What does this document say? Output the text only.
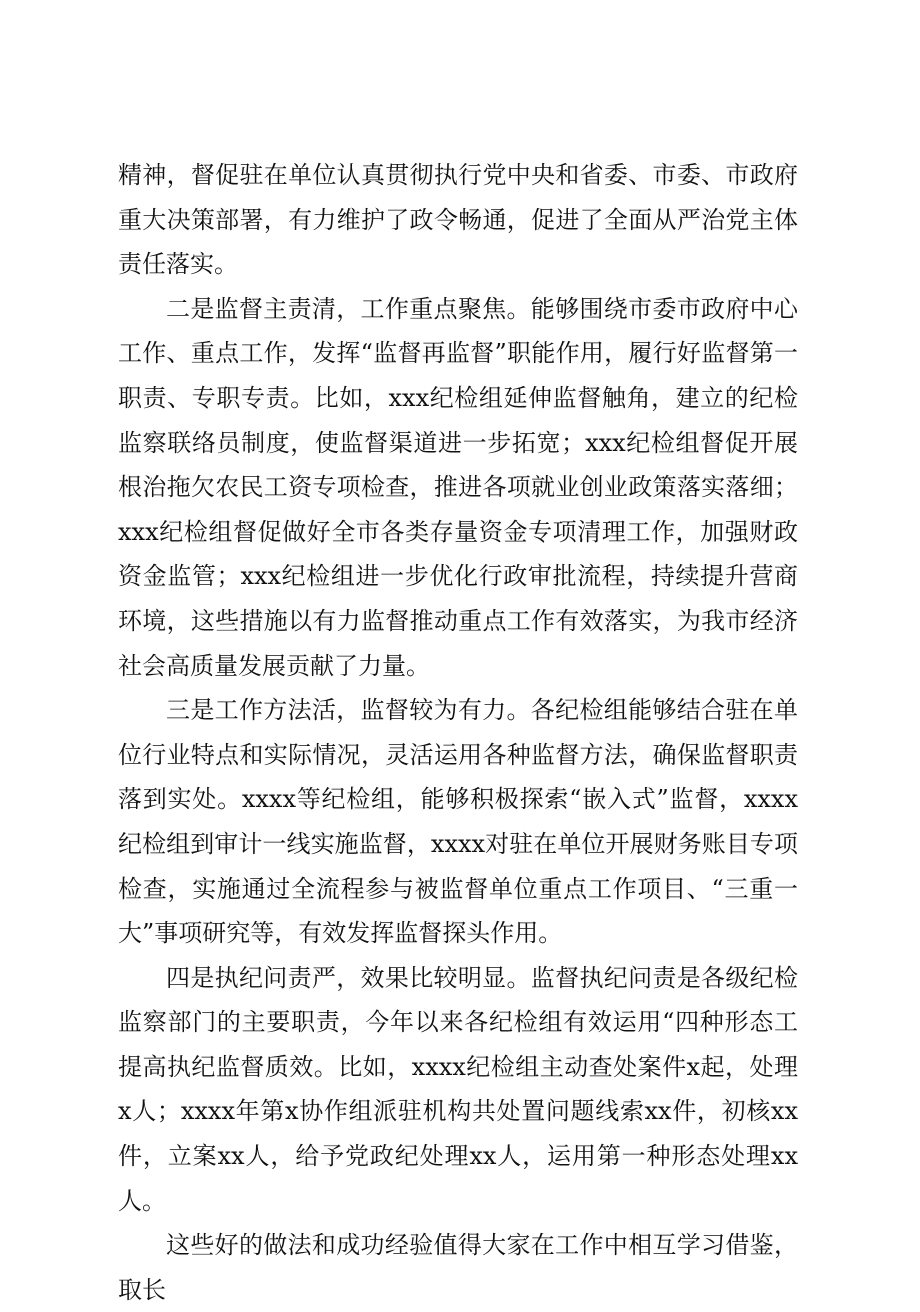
精神，督促驻在单位认真贯彻执行党中央和省委、市委、市政府重大决策部署，有力维护了政令畅通，促进了全面从严治党主体责任落实。

二是监督主责清，工作重点聚焦。能够围绕市委市政府中心工作、重点工作，发挥“监督再监督”职能作用，履行好监督第一职责、专职专责。比如，xxx纪检组延伸监督触角，建立的纪检监察联络员制度，使监督渠道进一步拓宽；xxx纪检组督促开展根治拖欠农民工资专项检查，推进各项就业创业政策落实落细；xxx纪检组督促做好全市各类存量资金专项清理工作，加强财政资金监管；xxx纪检组进一步优化行政审批流程，持续提升营商环境，这些措施以有力监督推动重点工作有效落实，为我市经济社会高质量发展贡献了力量。

三是工作方法活，监督较为有力。各纪检组能够结合驻在单位行业特点和实际情况，灵活运用各种监督方法，确保监督职责落到实处。xxxx等纪检组，能够积极探索“嵌入式”监督，xxxx纪检组到审计一线实施监督，xxxx对驻在单位开展财务账目专项检查，实施通过全流程参与被监督单位重点工作项目、“三重一大”事项研究等，有效发挥监督探头作用。

四是执纪问责严，效果比较明显。监督执纪问责是各级纪检监察部门的主要职责，今年以来各纪检组有效运用“四种形态工提高执纪监督质效。比如，xxxx纪检组主动查处案件x起，处理x人；xxxx年第x协作组派驻机构共处置问题线索xx件，初核xx件，立案xx人，给予党政纪处理xx人，运用第一种形态处理xx人。

这些好的做法和成功经验值得大家在工作中相互学习借鉴，取长
